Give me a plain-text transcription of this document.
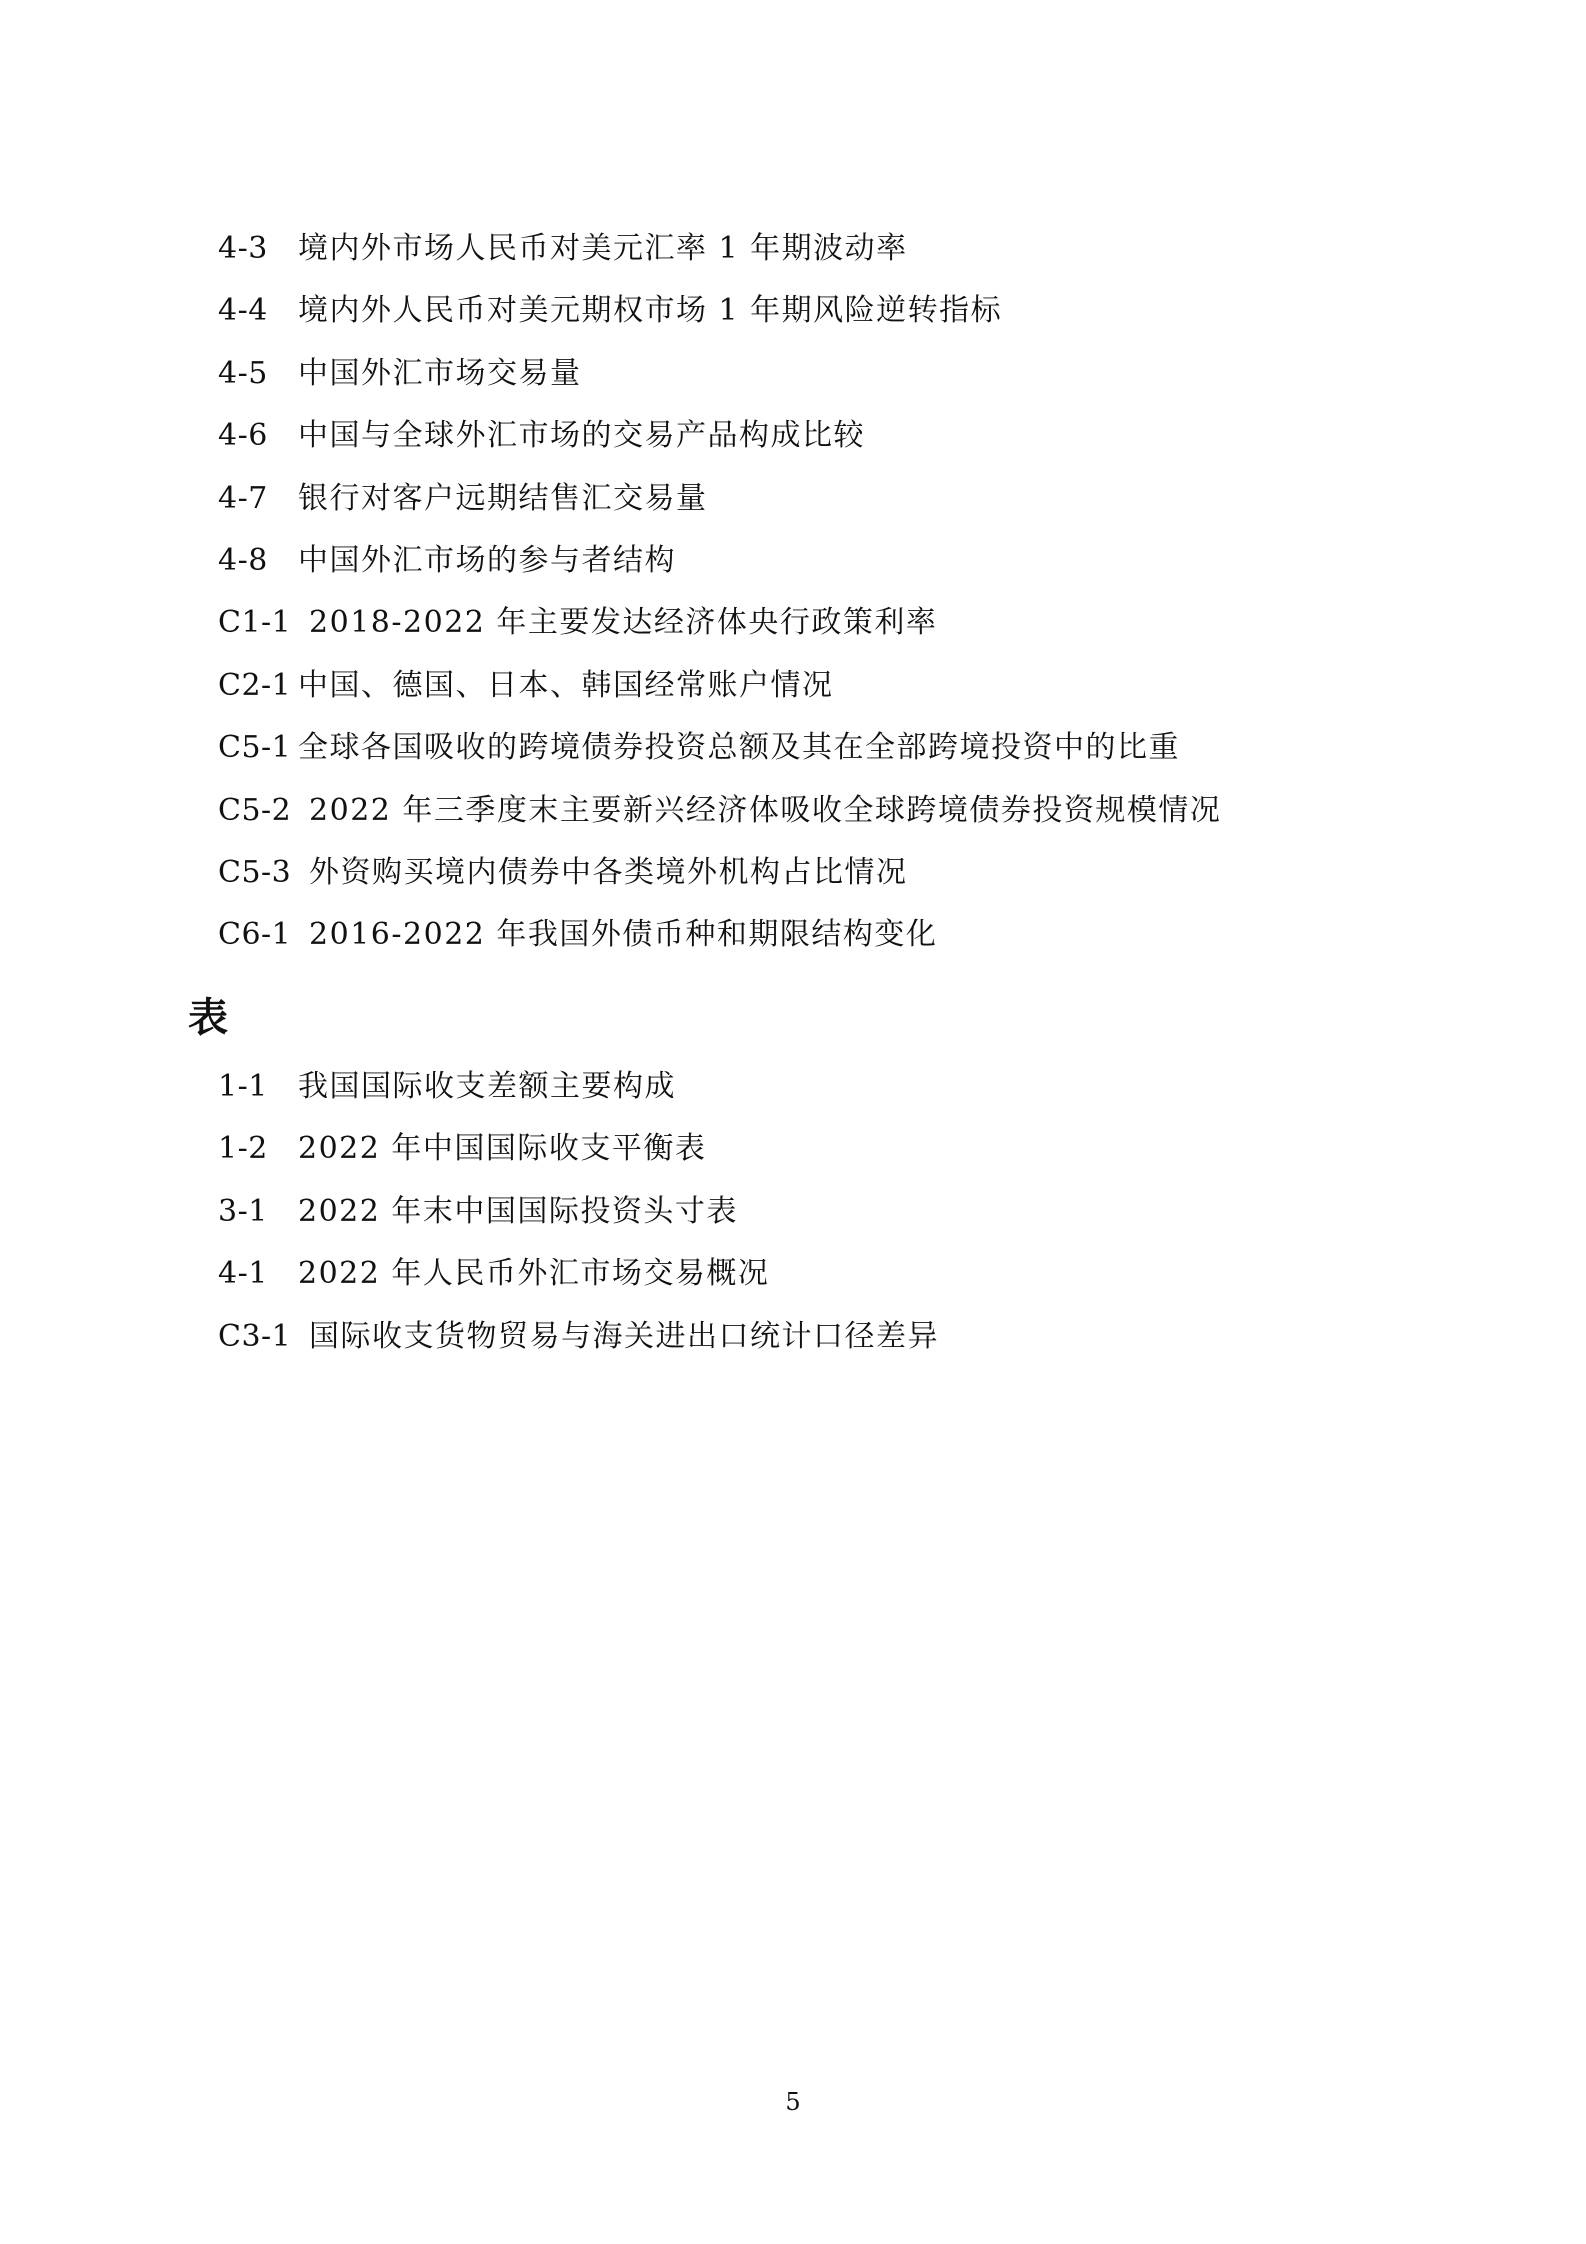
4-3 境内外市场人民币对美元汇率 1 年期波动率
4-4 境内外人民币对美元期权市场 1 年期风险逆转指标
4-5 中国外汇市场交易量
4-6 中国与全球外汇市场的交易产品构成比较
4-7 银行对客户远期结售汇交易量
4-8 中国外汇市场的参与者结构
C1-1 2018-2022 年主要发达经济体央行政策利率
C2-1 中国、德国、日本、韩国经常账户情况
C5-1 全球各国吸收的跨境债券投资总额及其在全部跨境投资中的比重
C5-2 2022 年三季度末主要新兴经济体吸收全球跨境债券投资规模情况
C5-3 外资购买境内债券中各类境外机构占比情况
C6-1 2016-2022 年我国外债币种和期限结构变化
表
1-1 我国国际收支差额主要构成
1-2 2022 年中国国际收支平衡表
3-1 2022 年末中国国际投资头寸表
4-1 2022 年人民币外汇市场交易概况
C3-1 国际收支货物贸易与海关进出口统计口径差异
5
